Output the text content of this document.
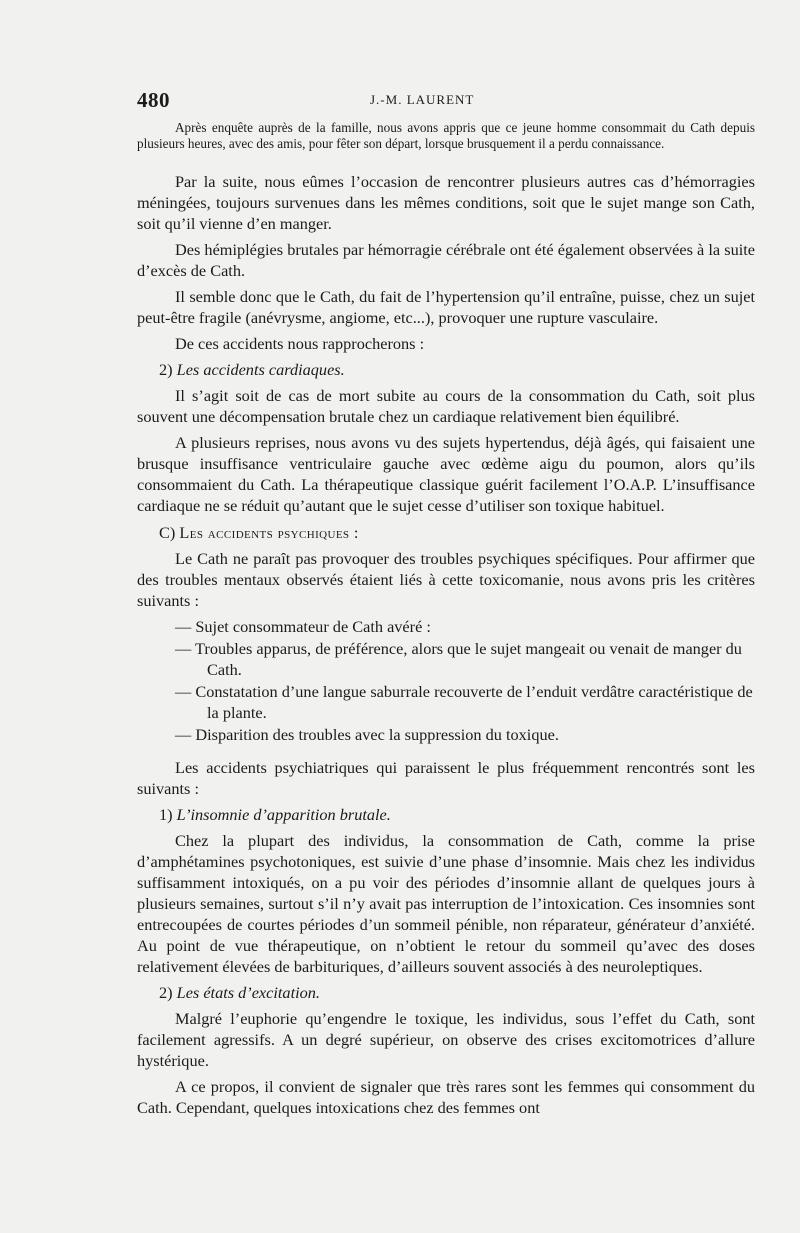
480	J.-M. LAURENT

Après enquête auprès de la famille, nous avons appris que ce jeune homme consommait du Cath depuis plusieurs heures, avec des amis, pour fêter son départ, lorsque brusquement il a perdu connaissance.

Par la suite, nous eûmes l’occasion de rencontrer plusieurs autres cas d’hémorragies méningées, toujours survenues dans les mêmes conditions, soit que le sujet mange son Cath, soit qu’il vienne d’en manger.

Des hémiplégies brutales par hémorragie cérébrale ont été également observées à la suite d’excès de Cath.

Il semble donc que le Cath, du fait de l’hypertension qu’il entraîne, puisse, chez un sujet peut-être fragile (anévrysme, angiome, etc...), provoquer une rupture vasculaire.

De ces accidents nous rapprocherons :

2) Les accidents cardiaques.

Il s’agit soit de cas de mort subite au cours de la consommation du Cath, soit plus souvent une décompensation brutale chez un cardiaque relativement bien équilibré.

A plusieurs reprises, nous avons vu des sujets hypertendus, déjà âgés, qui faisaient une brusque insuffisance ventriculaire gauche avec œdème aigu du poumon, alors qu’ils consommaient du Cath. La thérapeutique classique guérit facilement l’O.A.P. L’insuffisance cardiaque ne se réduit qu’autant que le sujet cesse d’utiliser son toxique habituel.

C) Les accidents psychiques :

Le Cath ne paraît pas provoquer des troubles psychiques spécifiques. Pour affirmer que des troubles mentaux observés étaient liés à cette toxicomanie, nous avons pris les critères suivants :

— Sujet consommateur de Cath avéré :
— Troubles apparus, de préférence, alors que le sujet mangeait ou venait de manger du Cath.
— Constatation d’une langue saburrale recouverte de l’enduit verdâtre caractéristique de la plante.
— Disparition des troubles avec la suppression du toxique.

Les accidents psychiatriques qui paraissent le plus fréquemment rencontrés sont les suivants :

1) L’insomnie d’apparition brutale.

Chez la plupart des individus, la consommation de Cath, comme la prise d’amphétamines psychotoniques, est suivie d’une phase d’insomnie. Mais chez les individus suffisamment intoxiqués, on a pu voir des périodes d’insomnie allant de quelques jours à plusieurs semaines, surtout s’il n’y avait pas interruption de l’intoxication. Ces insomnies sont entrecoupées de courtes périodes d’un sommeil pénible, non réparateur, générateur d’anxiété. Au point de vue thérapeutique, on n’obtient le retour du sommeil qu’avec des doses relativement élevées de barbituriques, d’ailleurs souvent associés à des neuroleptiques.

2) Les états d’excitation.

Malgré l’euphorie qu’engendre le toxique, les individus, sous l’effet du Cath, sont facilement agressifs. A un degré supérieur, on observe des crises excitomotrices d’allure hystérique.

A ce propos, il convient de signaler que très rares sont les femmes qui consomment du Cath. Cependant, quelques intoxications chez des femmes ont
